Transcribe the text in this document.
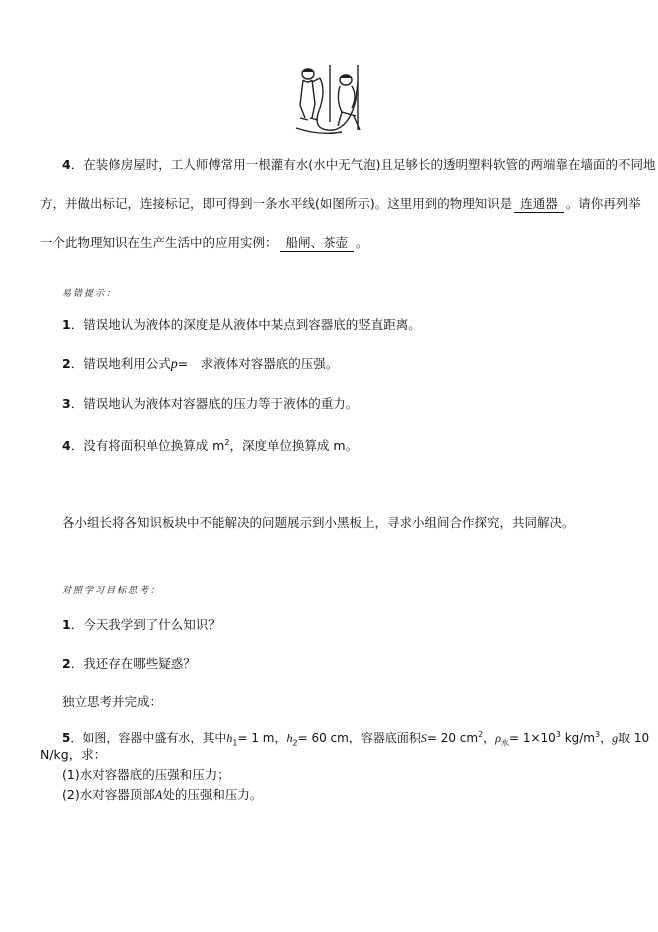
4．在装修房屋时，工人师傅常用一根灌有水(水中无气泡)且足够长的透明塑料软管的两端靠在墙面的不同地
方，并做出标记，连接标记，即可得到一条水平线(如图所示)。这里用到的物理知识是 连通器 。请你再列举
一个此物理知识在生产生活中的应用实例： 船闸、茶壶 。
易错提示：
1．错误地认为液体的深度是从液体中某点到容器底的竖直距离。
2．错误地利用公式p=　求液体对容器底的压强。
3．错误地认为液体对容器底的压力等于液体的重力。
4．没有将面积单位换算成 $m^2$，深度单位换算成 m。
各小组长将各知识板块中不能解决的问题展示到小黑板上，寻求小组间合作探究，共同解决。
对照学习目标思考：
1．今天我学到了什么知识？
2．我还存在哪些疑惑？
独立思考并完成：
5．如图，容器中盛有水，其中$h_1= 1$ m，$h_2= 60$ cm，容器底面积S= 20 $cm^2$，$\rho_水= 1\times 10^3$ $kg/m^3$，g取 10
N/kg，求：
(1)水对容器底的压强和压力；
(2)水对容器顶部A处的压强和压力。
